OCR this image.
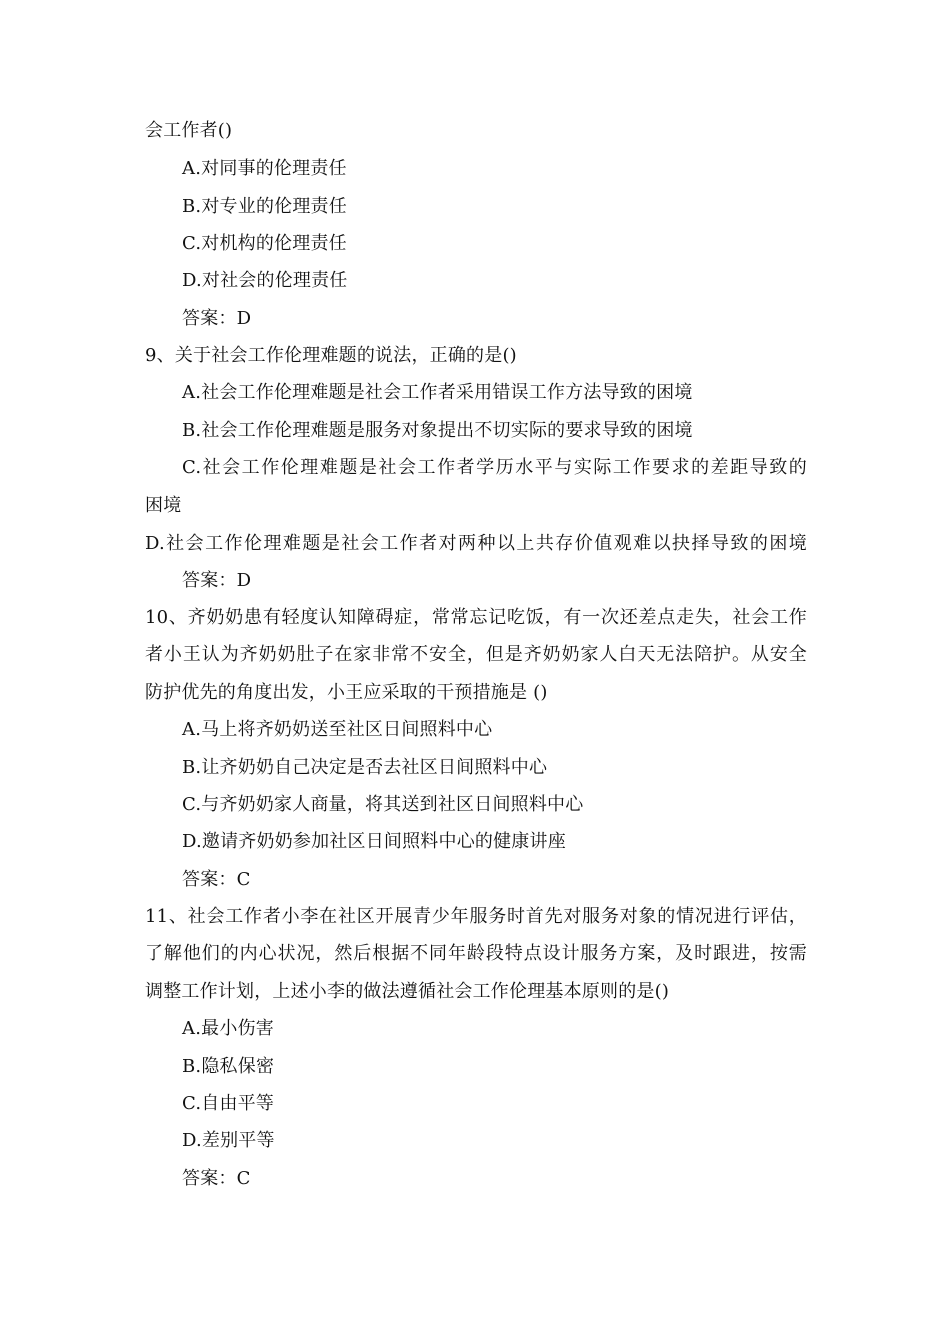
会工作者()
A.对同事的伦理责任
B.对专业的伦理责任
C.对机构的伦理责任
D.对社会的伦理责任
答案：D
9、关于社会工作伦理难题的说法，正确的是()
A.社会工作伦理难题是社会工作者采用错误工作方法导致的困境
B.社会工作伦理难题是服务对象提出不切实际的要求导致的困境
C.社会工作伦理难题是社会工作者学历水平与实际工作要求的差距导致的
困境
D.社会工作伦理难题是社会工作者对两种以上共存价值观难以抉择导致的困境
答案：D
10、齐奶奶患有轻度认知障碍症，常常忘记吃饭，有一次还差点走失，社会工作
者小王认为齐奶奶肚子在家非常不安全，但是齐奶奶家人白天无法陪护。从安全
防护优先的角度出发，小王应采取的干预措施是 ()
A.马上将齐奶奶送至社区日间照料中心
B.让齐奶奶自己决定是否去社区日间照料中心
C.与齐奶奶家人商量，将其送到社区日间照料中心
D.邀请齐奶奶参加社区日间照料中心的健康讲座
答案：C
11、社会工作者小李在社区开展青少年服务时首先对服务对象的情况进行评估，
了解他们的内心状况，然后根据不同年龄段特点设计服务方案，及时跟进，按需
调整工作计划，上述小李的做法遵循社会工作伦理基本原则的是()
A.最小伤害
B.隐私保密
C.自由平等
D.差别平等
答案：C
